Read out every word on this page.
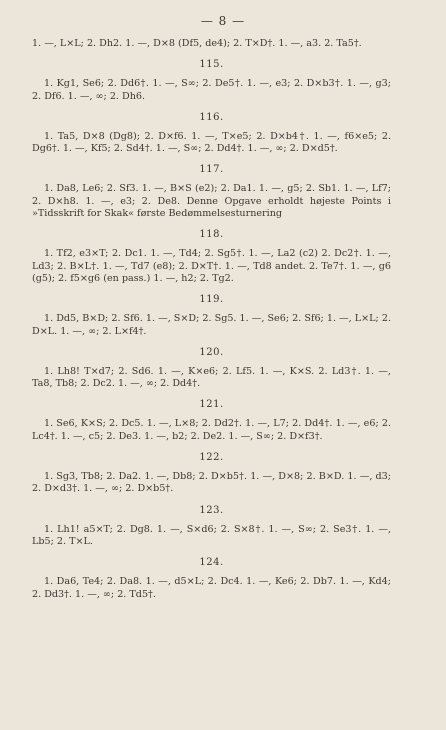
— 8 —

1. —, L×L; 2. Dh2. 1. —, D×8 (Df5, de4); 2. T×D†. 1. —, a3. 2. Ta5†.

115.

1. Kg1, Se6; 2. Dd6†. 1. —, S∞; 2. De5†. 1. —, e3; 2. D×b3†. 1. —, g3; 2. Df6. 1. —, ∞; 2. Dh6.

116.

1. Ta5, D×8 (Dg8); 2. D×f6. 1. —, T×e5; 2. D×b4†. 1. —, f6×e5; 2. Dg6†. 1. —, Kf5; 2. Sd4†. 1. —, S∞; 2. Dd4†. 1. —, ∞; 2. D×d5†.

117.

1. Da8, Le6; 2. Sf3. 1. —, B×S (e2); 2. Da1. 1. —, g5; 2. Sb1. 1. —, Lf7; 2. D×h8. 1. —, e3; 2. De8. Denne Opgave erholdt højeste Points i »Tidsskrift for Skak« første Bedømmelsesturnering

118.

1. Tf2, e3×T; 2. Dc1. 1. —, Td4; 2. Sg5†. 1. —, La2 (c2) 2. Dc2†. 1. —, Ld3; 2. B×L†. 1. —, Td7 (e8); 2. D×T†. 1. —, Td8 andet. 2. Te7†. 1. —, g6 (g5); 2. f5×g6 (en pass.) 1. —, h2; 2. Tg2.

119.

1. Dd5, B×D; 2. Sf6. 1. —, S×D; 2. Sg5. 1. —, Se6; 2. Sf6; 1. —, L×L; 2. D×L. 1. —, ∞; 2. L×f4†.

120.

1. Lh8! T×d7; 2. Sd6. 1. —, K×e6; 2. Lf5. 1. —, K×S. 2. Ld3†. 1. —, Ta8, Tb8; 2. Dc2. 1. —, ∞; 2. Dd4†.

121.

1. Se6, K×S; 2. Dc5. 1. —, L×8; 2. Dd2†. 1. —, L7; 2. Dd4†. 1. —, e6; 2. Lc4†. 1. —, c5; 2. De3. 1. —, b2; 2. De2. 1. —, S∞; 2. D×f3†.

122.

1. Sg3, Tb8; 2. Da2. 1. —, Db8; 2. D×b5†. 1. —, D×8; 2. B×D. 1. —, d3; 2. D×d3†. 1. —, ∞; 2. D×b5†.

123.

1. Lh1! a5×T; 2. Dg8. 1. —, S×d6; 2. S×8†. 1. —, S∞; 2. Se3†. 1. —, Lb5; 2. T×L.

124.

1. Da6, Te4; 2. Da8. 1. —, d5×L; 2. Dc4. 1. —, Ke6; 2. Db7. 1. —, Kd4; 2. Dd3†. 1. —, ∞; 2. Td5†.
